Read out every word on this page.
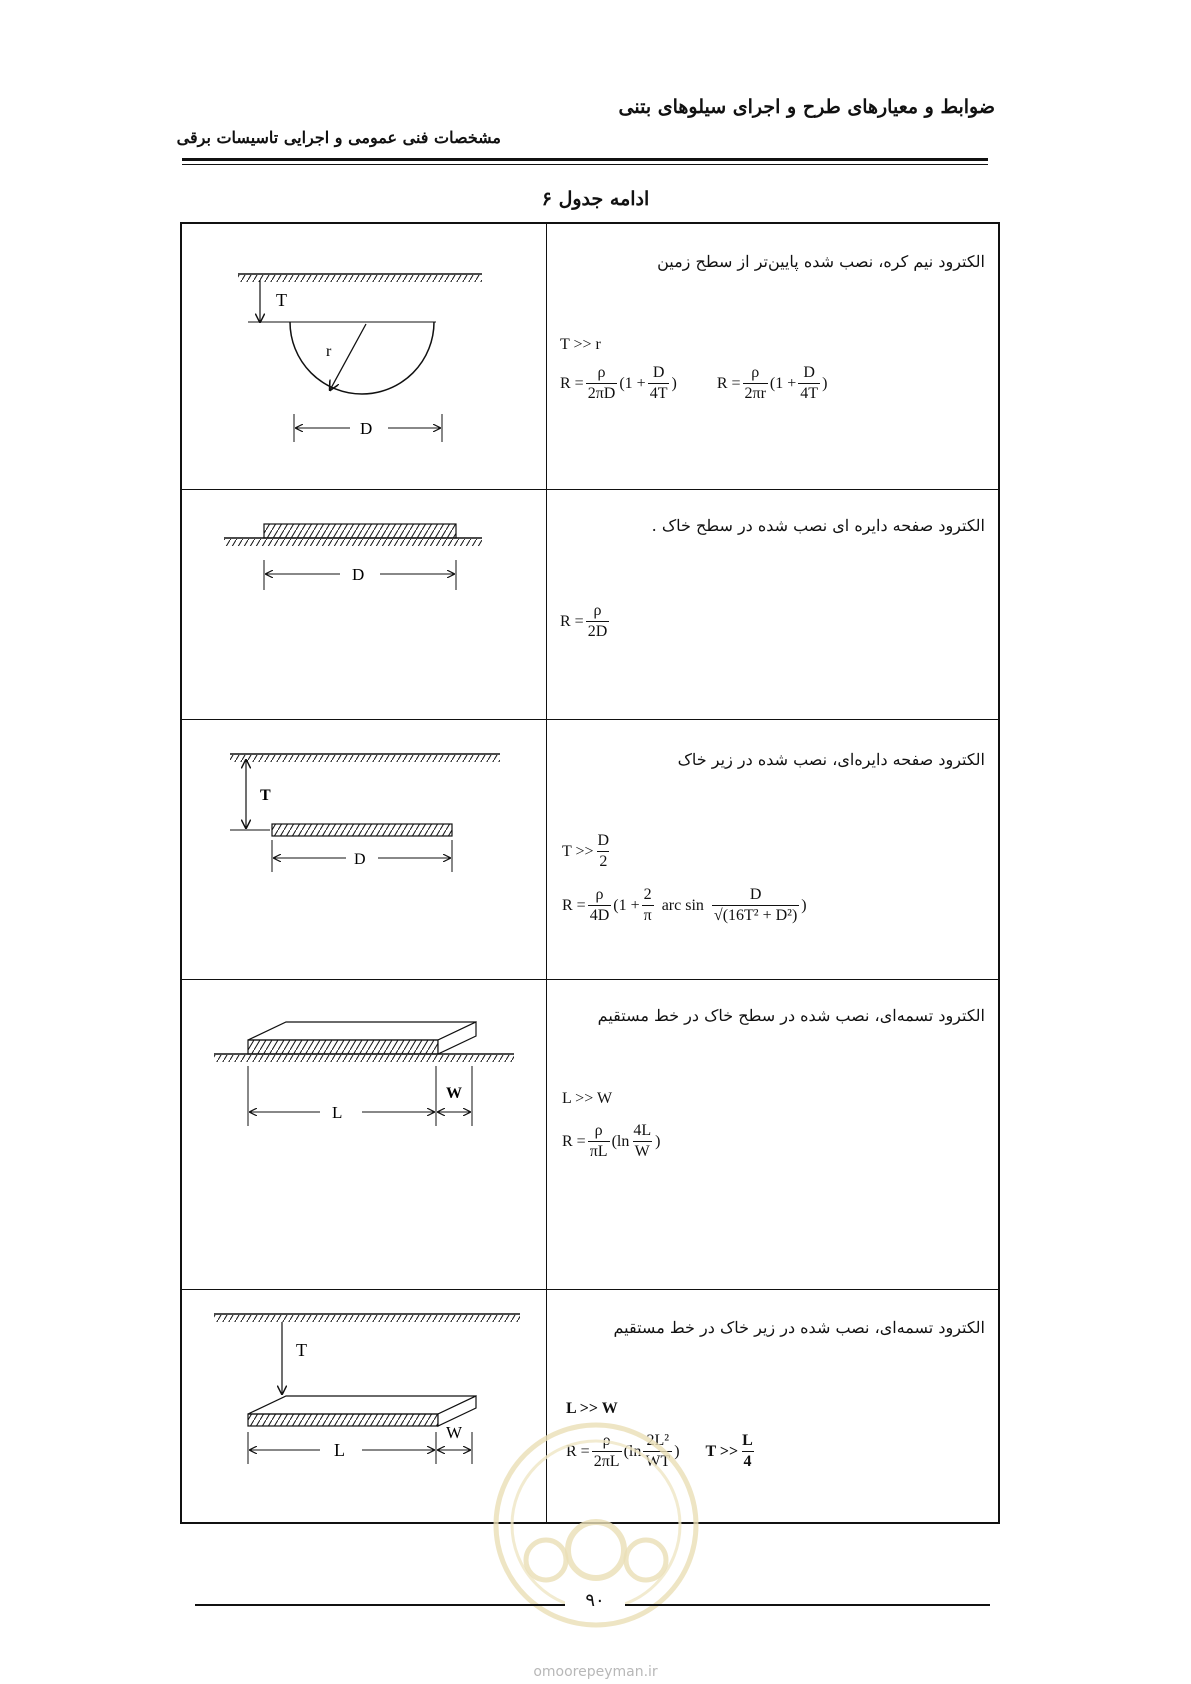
ضوابط و معیارهای طرح و اجرای سیلوهای بتنی
مشخصات فنی عمومی و اجرایی تاسیسات برقی
ادامه جدول ۶
الکترود نیم کره، نصب شده پایین‌تر از سطح زمین
T >> r
$R = \frac{\rho}{2\pi D} (1 + \frac{D}{4T}$ )	$R = \frac{\rho}{2\pi r} (1 + \frac{D}{4T}$ )
T
r
D
الکترود صفحه دایره ای نصب شده در سطح خاک .
$R = \frac{\rho}{2D}$
D
الکترود صفحه دایره‌ای، نصب شده در زیر خاک
$T >> \frac{D}{2}$
$R = \frac{\rho}{4D} (1 + \frac{2}{\pi}$ arc $\sin \frac{D}{\text{√(16T² + D²)}}$ )
T
D
الکترود تسمه‌ای، نصب شده در سطح خاک در خط مستقیم
L >> W
$R = \frac{\rho}{\pi L} (\ln \frac{4L}{W}$ )
L
W
الکترود تسمه‌ای، نصب شده در زیر خاک در خط مستقیم
L >> W
$R = \frac{\rho}{2\pi L} (\ln \frac{\text{2L²}}{WT}$ ) $T >> \frac{L}{4}$
T
L
W
۹۰
omoorepeyman.ir
